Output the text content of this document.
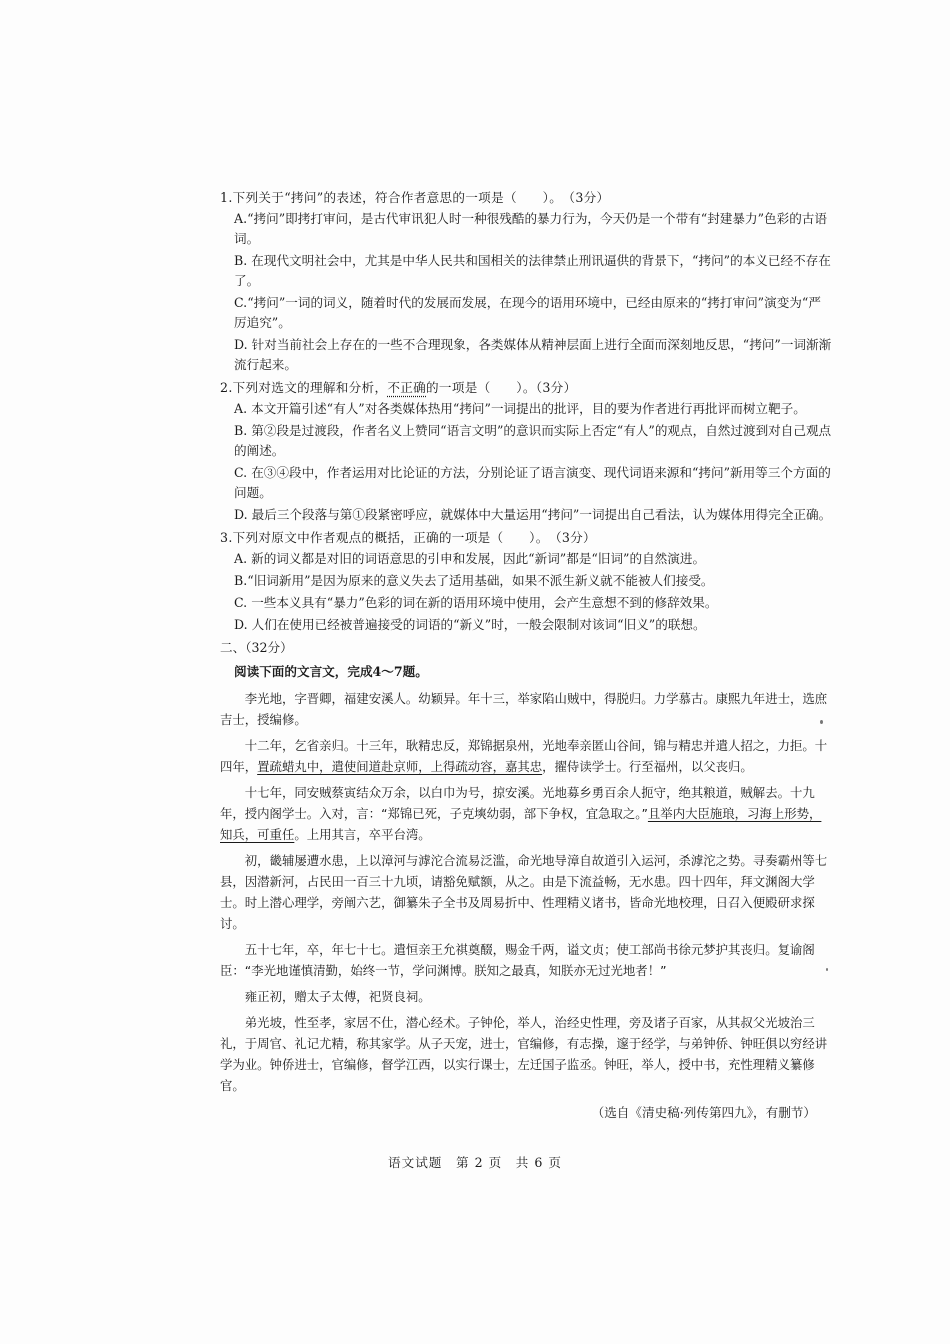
1.下列关于“拷问”的表述，符合作者意思的一项是（　　）。　（3分）

A.“拷问”即拷打审问，是古代审讯犯人时一种很残酷的暴力行为，今天仍是一个带有“封建暴力”色彩的古语词。

B. 在现代文明社会中，尤其是中华人民共和国相关的法律禁止刑讯逼供的背景下，“拷问”的本义已经不存在了。

C.“拷问”一词的词义，随着时代的发展而发展，在现今的语用环境中，已经由原来的“拷打审问”演变为“严厉追究”。

D. 针对当前社会上存在的一些不合理现象，各类媒体从精神层面上进行全面而深刻地反思，“拷问”一词渐渐流行起来。

2.下列对选文的理解和分析，不正确的一项是（　　）。（3分）

A. 本文开篇引述“有人”对各类媒体热用“拷问”一词提出的批评，目的要为作者进行再批评而树立靶子。

B. 第②段是过渡段，作者名义上赞同“语言文明”的意识而实际上否定“有人”的观点，自然过渡到对自己观点的阐述。

C. 在③④段中，作者运用对比论证的方法，分别论证了语言演变、现代词语来源和“拷问”新用等三个方面的问题。

D. 最后三个段落与第①段紧密呼应，就媒体中大量运用“拷问”一词提出自己看法，认为媒体用得完全正确。

3.下列对原文中作者观点的概括，正确的一项是（　　）。　（3分）

A. 新的词义都是对旧的词语意思的引申和发展，因此“新词”都是“旧词”的自然演进。

B.“旧词新用”是因为原来的意义失去了适用基础，如果不派生新义就不能被人们接受。

C. 一些本义具有“暴力”色彩的词在新的语用环境中使用，会产生意想不到的修辞效果。

D. 人们在使用已经被普遍接受的词语的“新义”时，一般会限制对该词“旧义”的联想。

二、（32分）

阅读下面的文言文，完成4～7题。

李光地，字晋卿，福建安溪人。幼颖异。年十三，举家陷山贼中，得脱归。力学慕古。康熙九年进士，选庶吉士，授编修。

十二年，乞省亲归。十三年，耿精忠反，郑锦据泉州，光地奉亲匿山谷间，锦与精忠并遣人招之，力拒。十四年，置疏蜡丸中，遣使间道赴京师，上得疏动容，嘉其忠，擢侍读学士。行至福州，以父丧归。

十七年，同安贼蔡寅结众万余，以白巾为号，掠安溪。光地募乡勇百余人扼守，绝其粮道，贼解去。十九年，授内阁学士。入对，言：“郑锦已死，子克塽幼弱，部下争权，宜急取之。”且举内大臣施琅，习海上形势，知兵，可重任。上用其言，卒平台湾。

初，畿辅屡遭水患，上以漳河与滹沱合流易泛滥，命光地导漳自故道引入运河，杀滹沱之势。寻奏霸州等七县，因潜新河，占民田一百三十九顷，请豁免赋额，从之。由是下流益畅，无水患。四十四年，拜文渊阁大学士。时上潜心理学，旁阐六艺，御纂朱子全书及周易折中、性理精义诸书，皆命光地校理，日召入便殿研求探讨。

五十七年，卒，年七十七。遣恒亲王允祺奠醊，赐金千两，谥文贞；使工部尚书徐元梦护其丧归。复谕阁臣：“李光地谨慎清勤，始终一节，学问渊博。朕知之最真，知朕亦无过光地者！”

雍正初，赠太子太傅，祀贤良祠。

弟光坡，性至孝，家居不仕，潜心经术。子钟伦，举人，治经史性理，旁及诸子百家，从其叔父光坡治三礼，于周官、礼记尤精，称其家学。从子天宠，进士，官编修，有志操，邃于经学，与弟钟侨、钟旺俱以穷经讲学为业。钟侨进士，官编修，督学江西，以实行课士，左迁国子监丞。钟旺，举人，授中书，充性理精义纂修官。

（选自《清史稿·列传第四九》，有删节）
语文试题　第 2 页　共 6 页
